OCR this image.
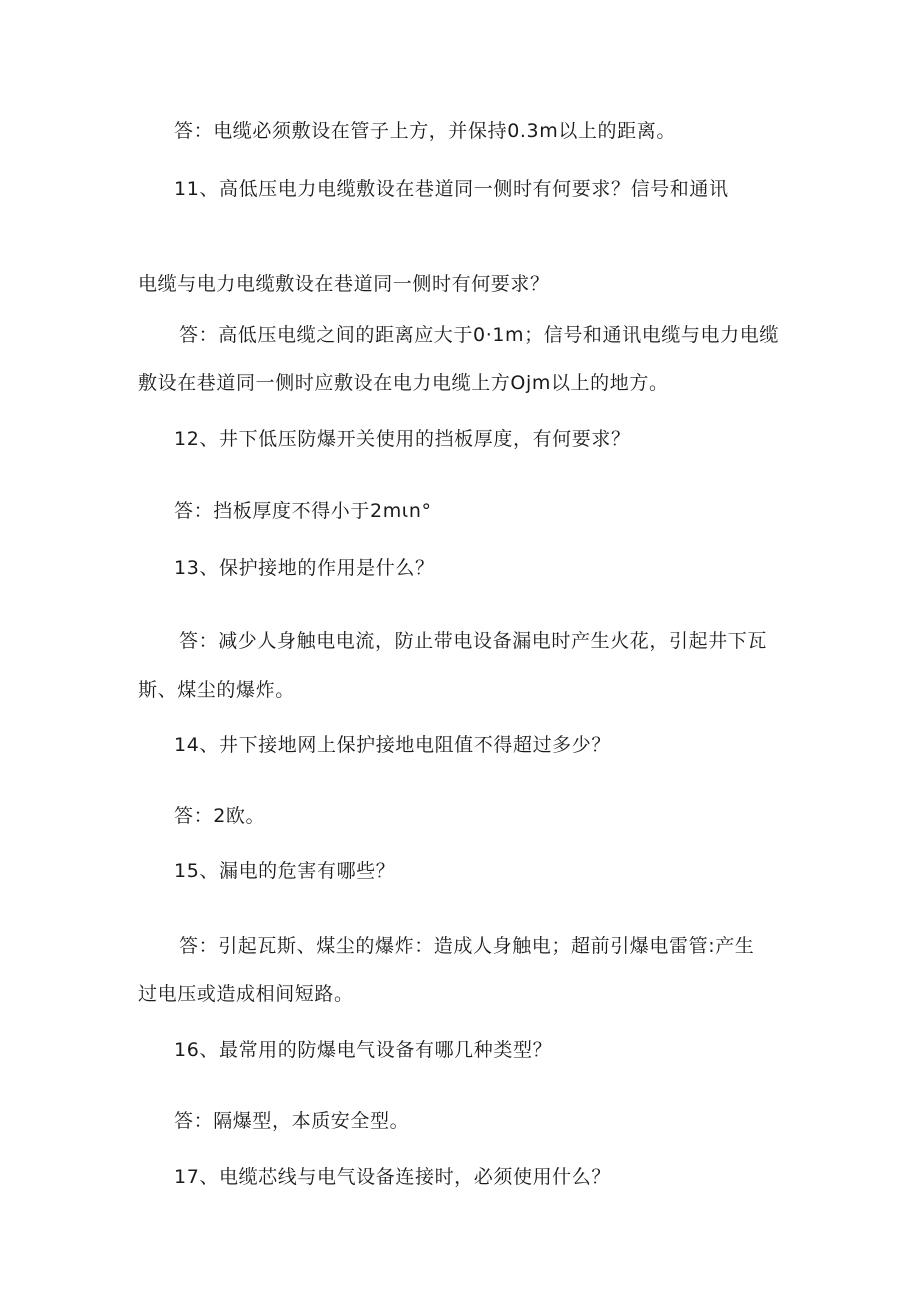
答：电缆必须敷设在管子上方，并保持0.3m以上的距离。
11、高低压电力电缆敷设在巷道同一侧时有何要求？信号和通讯
电缆与电力电缆敷设在巷道同一侧时有何要求？
答：高低压电缆之间的距离应大于0·1m；信号和通讯电缆与电力电缆
敷设在巷道同一侧时应敷设在电力电缆上方Ojm以上的地方。
12、井下低压防爆开关使用的挡板厚度，有何要求？
答：挡板厚度不得小于2mιn°
13、保护接地的作用是什么？
答：减少人身触电电流，防止带电设备漏电时产生火花，引起井下瓦
斯、煤尘的爆炸。
14、井下接地网上保护接地电阻值不得超过多少？
答：2欧。
15、漏电的危害有哪些？
答：引起瓦斯、煤尘的爆炸：造成人身触电；超前引爆电雷管:产生
过电压或造成相间短路。
16、最常用的防爆电气设备有哪几种类型？
答：隔爆型，本质安全型。
17、电缆芯线与电气设备连接时，必须使用什么？
